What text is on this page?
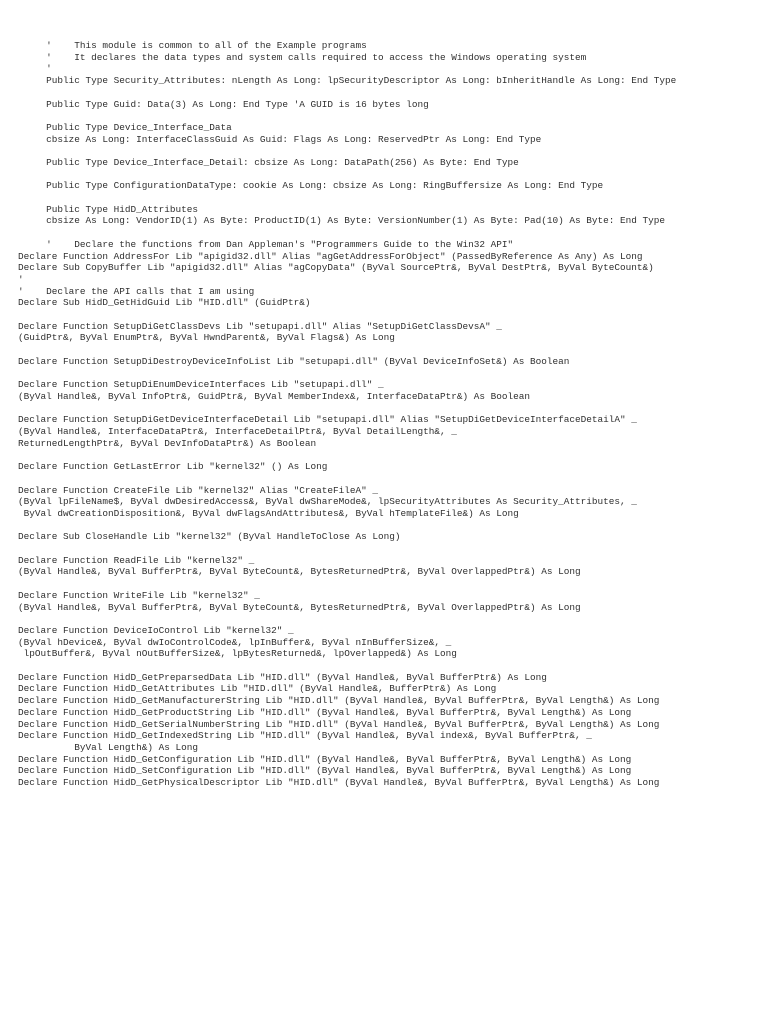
'    This module is common to all of the Example programs
'    It declares the data types and system calls required to access the Windows operating system
'
Public Type Security_Attributes: nLength As Long: lpSecurityDescriptor As Long: bInheritHandle As Long: End Type
Public Type Guid: Data(3) As Long: End Type 'A GUID is 16 bytes long
Public Type Device_Interface_Data
cbsize As Long: InterfaceClassGuid As Guid: Flags As Long: ReservedPtr As Long: End Type
Public Type Device_Interface_Detail: cbsize As Long: DataPath(256) As Byte: End Type
Public Type ConfigurationDataType: cookie As Long: cbsize As Long: RingBuffersize As Long: End Type
Public Type HidD_Attributes
cbsize As Long: VendorID(1) As Byte: ProductID(1) As Byte: VersionNumber(1) As Byte: Pad(10) As Byte: End Type
'    Declare the functions from Dan Appleman's "Programmers Guide to the Win32 API"
Declare Function AddressFor Lib "apigid32.dll" Alias "agGetAddressForObject" (PassedByReference As Any) As Long
Declare Sub CopyBuffer Lib "apigid32.dll" Alias "agCopyData" (ByVal SourcePtr&, ByVal DestPtr&, ByVal ByteCount&)
'
'    Declare the API calls that I am using
Declare Sub HidD_GetHidGuid Lib "HID.dll" (GuidPtr&)
Declare Function SetupDiGetClassDevs Lib "setupapi.dll" Alias "SetupDiGetClassDevsA" _
(GuidPtr&, ByVal EnumPtr&, ByVal HwndParent&, ByVal Flags&) As Long
Declare Function SetupDiDestroyDeviceInfoList Lib "setupapi.dll" (ByVal DeviceInfoSet&) As Boolean
Declare Function SetupDiEnumDeviceInterfaces Lib "setupapi.dll" _
(ByVal Handle&, ByVal InfoPtr&, GuidPtr&, ByVal MemberIndex&, InterfaceDataPtr&) As Boolean
Declare Function SetupDiGetDeviceInterfaceDetail Lib "setupapi.dll" Alias "SetupDiGetDeviceInterfaceDetailA" _
(ByVal Handle&, InterfaceDataPtr&, InterfaceDetailPtr&, ByVal DetailLength&, _
ReturnedLengthPtr&, ByVal DevInfoDataPtr&) As Boolean
Declare Function GetLastError Lib "kernel32" () As Long
Declare Function CreateFile Lib "kernel32" Alias "CreateFileA" _
(ByVal lpFileName$, ByVal dwDesiredAccess&, ByVal dwShareMode&, lpSecurityAttributes As Security_Attributes, _
ByVal dwCreationDisposition&, ByVal dwFlagsAndAttributes&, ByVal hTemplateFile&) As Long
Declare Sub CloseHandle Lib "kernel32" (ByVal HandleToClose As Long)
Declare Function ReadFile Lib "kernel32" _
(ByVal Handle&, ByVal BufferPtr&, ByVal ByteCount&, BytesReturnedPtr&, ByVal OverlappedPtr&) As Long
Declare Function WriteFile Lib "kernel32" _
(ByVal Handle&, ByVal BufferPtr&, ByVal ByteCount&, BytesReturnedPtr&, ByVal OverlappedPtr&) As Long
Declare Function DeviceIoControl Lib "kernel32" _
(ByVal hDevice&, ByVal dwIoControlCode&, lpInBuffer&, ByVal nInBufferSize&, _
lpOutBuffer&, ByVal nOutBufferSize&, lpBytesReturned&, lpOverlapped&) As Long
Declare Function HidD_GetPreparsedData Lib "HID.dll" (ByVal Handle&, ByVal BufferPtr&) As Long
Declare Function HidD_GetAttributes Lib "HID.dll" (ByVal Handle&, BufferPtr&) As Long
Declare Function HidD_GetManufacturerString Lib "HID.dll" (ByVal Handle&, ByVal BufferPtr&, ByVal Length&) As Long
Declare Function HidD_GetProductString Lib "HID.dll" (ByVal Handle&, ByVal BufferPtr&, ByVal Length&) As Long
Declare Function HidD_GetSerialNumberString Lib "HID.dll" (ByVal Handle&, ByVal BufferPtr&, ByVal Length&) As Long
Declare Function HidD_GetIndexedString Lib "HID.dll" (ByVal Handle&, ByVal index&, ByVal BufferPtr&, _
ByVal Length&) As Long
Declare Function HidD_GetConfiguration Lib "HID.dll" (ByVal Handle&, ByVal BufferPtr&, ByVal Length&) As Long
Declare Function HidD_SetConfiguration Lib "HID.dll" (ByVal Handle&, ByVal BufferPtr&, ByVal Length&) As Long
Declare Function HidD_GetPhysicalDescriptor Lib "HID.dll" (ByVal Handle&, ByVal BufferPtr&, ByVal Length&) As Long
